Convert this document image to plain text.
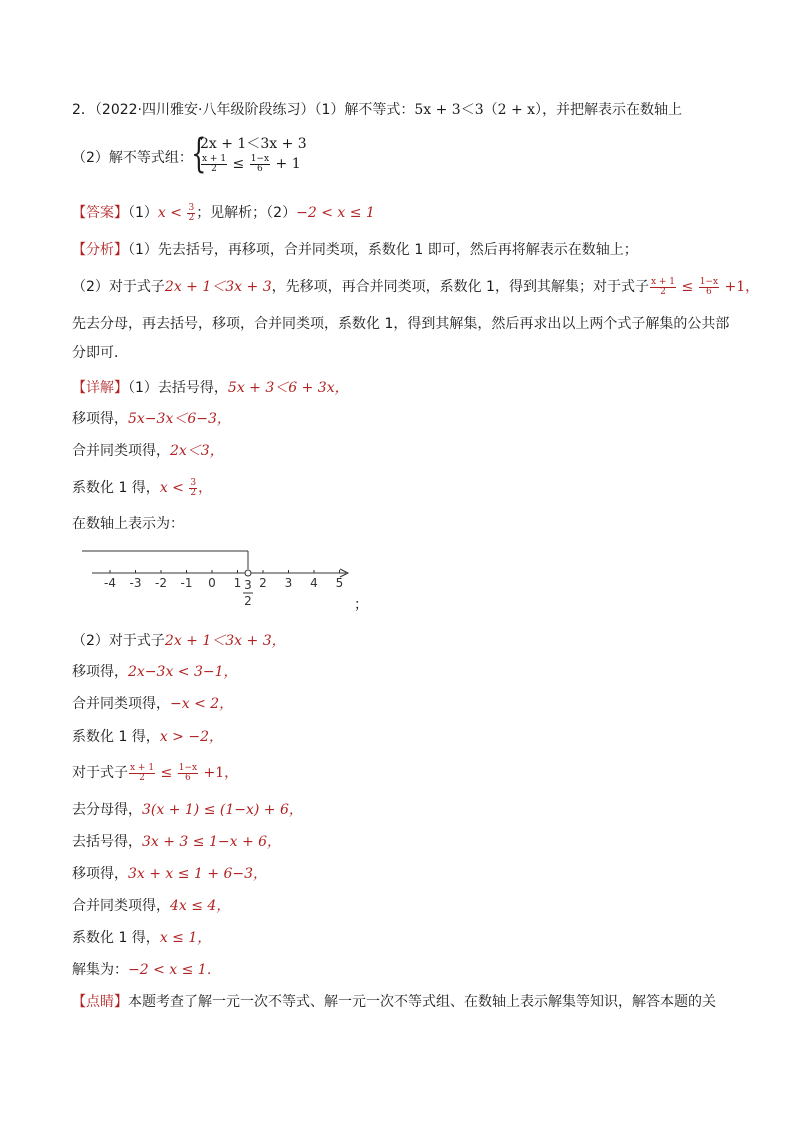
2．（2022·四川雅安·八年级阶段练习）（1）解不等式：5x + 3＜3（2 + x），并把解表示在数轴上
（2）解不等式组：
{
2x + 1＜3x + 3
$\frac{x + 1}{2} \le \frac{1-x}{6} + 1$
【答案】$(1)x < \frac{3}{2}$ ；见解析；（2）−2 < x ≤ 1
【分析】（1）先去括号，再移项，合并同类项，系数化 1 即可，然后再将解表示在数轴上；
（2）对于式子2x + 1＜3x + 3，先移项，再合并同类项，系数化 1，得到其解集；对于式子 $\frac{x + 1}{2} \le \frac{1-x}{6} +1$，
先去分母，再去括号，移项，合并同类项，系数化 1，得到其解集，然后再求出以上两个式子解集的公共部
分即可．
【详解】（1）去括号得，5x + 3＜6 + 3x，
移项得，5x−3x＜6−3，
合并同类项得，2x＜3，
系数化 1 得，$x < \frac{3}{2}$ ，
在数轴上表示为：
-4 -3 -2 -1 0 1 2 3 4 5
3
2	；
（2）对于式子2x + 1＜3x + 3，
移项得，2x−3x < 3−1，
合并同类项得，−x < 2，
系数化 1 得，x > −2，
对于式子 $\frac{x + 1}{2} \le \frac{1-x}{6} +1$，
去分母得，3(x + 1) ≤ (1−x) + 6，
去括号得，3x + 3 ≤ 1−x + 6，
移项得，3x + x ≤ 1 + 6−3，
合并同类项得，4x ≤ 4，
系数化 1 得，x ≤ 1，
解集为：−2 < x ≤ 1．
【点睛】本题考查了解一元一次不等式、解一元一次不等式组、在数轴上表示解集等知识，解答本题的关
